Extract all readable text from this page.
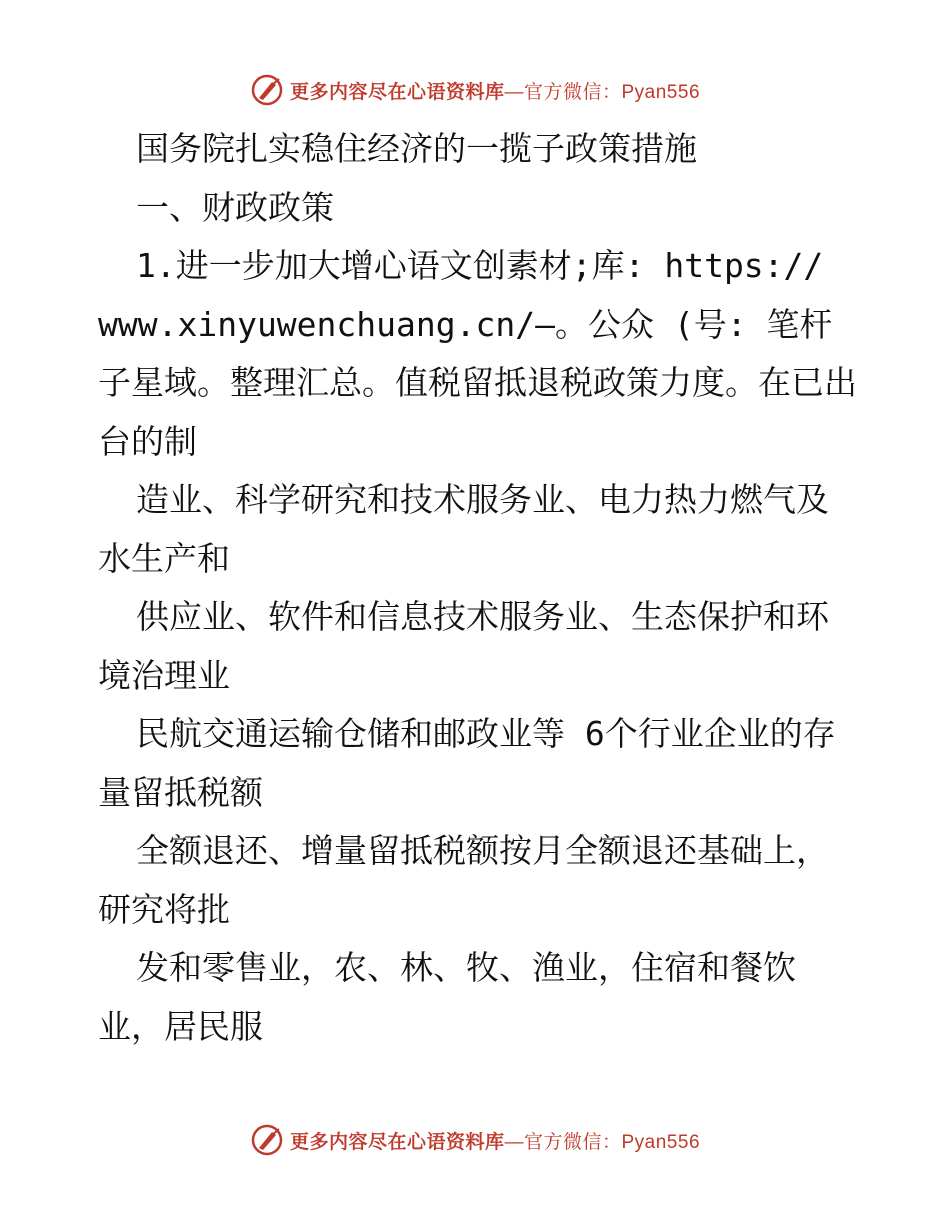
更多内容尽在心语资料库—官方微信：Pyan556

国务院扎实稳住经济的一揽子政策措施

一、财政政策

1.进一步加大增心语文创素材;库: https:// www.xinyuwenchuang.cn/—。公众 (号: 笔杆子星域。整理汇总。值税留抵退税政策力度。在已出台的制

造业、科学研究和技术服务业、电力热力燃气及水生产和

供应业、软件和信息技术服务业、生态保护和环境治理业

民航交通运输仓储和邮政业等 6个行业企业的存量留抵税额

全额退还、增量留抵税额按月全额退还基础上，研究将批

发和零售业，农、林、牧、渔业，住宿和餐饮业，居民服

更多内容尽在心语资料库—官方微信：Pyan556
